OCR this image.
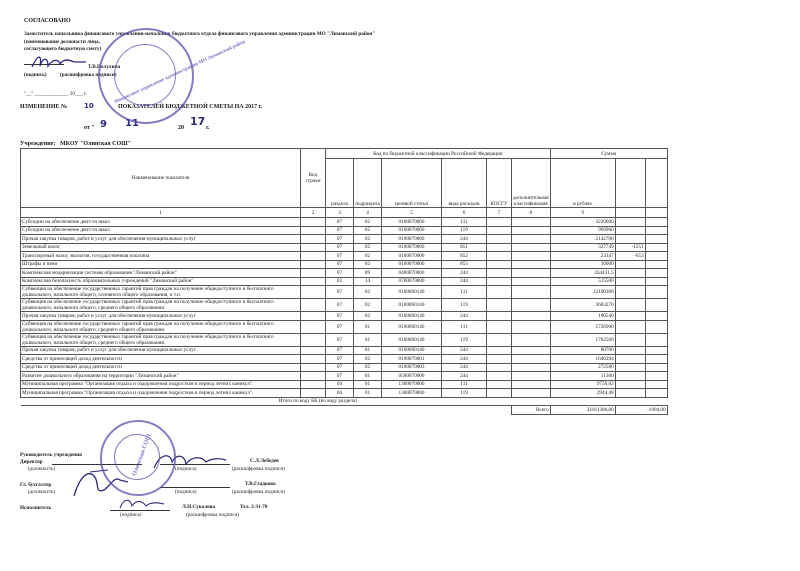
СОГЛАСОВАНО
Заместитель начальника финансового управления-начальник бюджетного отдела финансового управления администрации МО "Лиманский район"
(наименование должности лица,
согласующего бюджетную смету)
Т.В.Полухина
(подпись)	(расшифровка подписи)
"__" _____________ 20___ г.
ИЗМЕНЕНИЕ № 10	ПОКАЗАТЕЛЕЙ БЮДЖЕТНОЙ СМЕТЫ НА 2017 г.
от " 9 11	20 17 г.
Учреждение: МКОУ "Олинская СОШ"
Наименование показателя	Код строки	Код по бюджетной классификации Российской Федерации						Сумма		
		раздела	подраздела	целевой статьи	вида расходов	КОСГУ	дополнительная классификация	в рублях		
1	2	3	4	5	6	7	8	9		
Субсидии на обеспечение дент-ти школ		07	02	0100070000	111			3220600		
Субсидии на обеспечение дент-ти школ		07	02	0100070000	119			969900		
Прочая закупка товаров, работ и услуг для обеспечения муниципальных услуг		07	02	0100070000	244			2142700		
Земельный налог		07	02	0100070000	851			327749	-1251	
Транспортный налог, экология, государственная пошлина		07	02	0100070000	852			23347	-653	
Штрафы и пени		07	02	0100070000	853			10000		
Комплексная модернизация системы образования "Лиманский район"		07	09	0400070000	244			434431,5		
Комплексная безопасность образовательных учреждений "Лиманский район"		03	14	0700070000	244			515500		
Субвенция на обеспечение государственных гарантий прав граждан на получение общедоступного и бесплатного дошкольного, начального общего, основного общего образования, и т.п.		07	02	0100060140	111			12190300		
Субвенция на обеспечение государственных гарантий прав граждан на получение общедоступного и бесплатного дошкольного, начального общего, среднего общего образования.		07	02	0100060140	119			3683270		
Прочая закупка товаров, работ и услуг для обеспечения муниципальных услуг		07	02	0100060140	244			190540		
Субвенция на обеспечение государственных гарантий прав граждан на получение общедоступного и бесплатного дошкольного, начального общего, среднего общего образования.		07	01	0100060140	111			5726900		
Субвенция на обеспечение государственных гарантий прав граждан на получение общедоступного и бесплатного дошкольного, начального общего, среднего общего образования.		07	01	0100060140	119			1702500		
Прочая закупка товаров, работ и услуг для обеспечения муниципальных услуг		07	01	0100060140	244			80700		
Средства от приносящей доход деятельности		07	02	0100070001	244			1646294		
Средства от приносящей доход деятельности		07	02	0100070003	244			272580		
Развитие дошкольного образования на территории "Лиманский район"		07	01	0500070000	244			11300		
Муниципальная программа "Организация отдыха и оздоровления подростков в период летних каникул".		04	01	1300070000	111			9750,02		
Муниципальная программа "Организация отдыха и оздоровления подростков в период летних каникул".		04	01	1300070000	119			2944,48		
Итого по коду БК (по коду раздела)										
							Всего	33161306,00	-1904,00	
Руководитель учреждения
Директор	С.Л.Лебедев
(должность)	(подпись)	(расшифровка подписи)
Гл. бухгалтер	Т.В.Гладкова
(должность)	(подпись)	(расшифровка подписи)
Исполнитель	Л.Н.Сукалова	Тел. 2-31-70
(подпись)	(расшифровка подписи)
Финансовое управление администрации МО Лиманский район
Олинская СОШ
